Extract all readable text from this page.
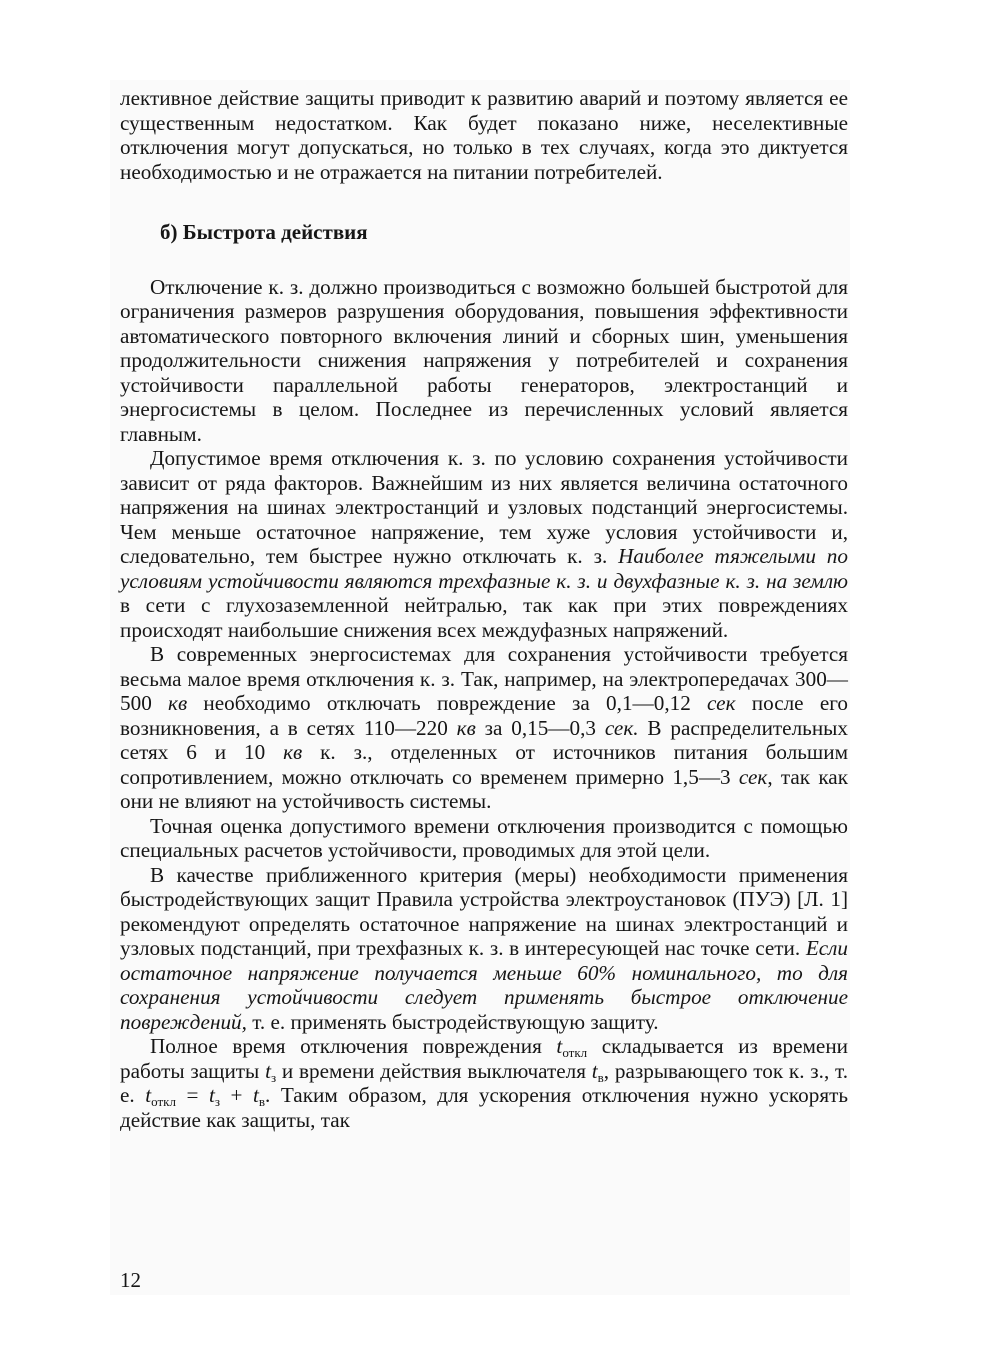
лективное действие защиты приводит к развитию аварий и поэтому является ее существенным недостатком. Как будет показано ниже, неселективные отключения могут допускаться, но только в тех случаях, когда это диктуется необходимостью и не отражается на питании потребителей.

б) Быстрота действия

Отключение к. з. должно производиться с возможно большей быстротой для ограничения размеров разрушения оборудования, повышения эффективности автоматического повторного включения линий и сборных шин, уменьшения продолжительности снижения напряжения у потребителей и сохранения устойчивости параллельной работы генераторов, электростанций и энергосистемы в целом. Последнее из перечисленных условий является главным.

Допустимое время отключения к. з. по условию сохранения устойчивости зависит от ряда факторов. Важнейшим из них является величина остаточного напряжения на шинах электростанций и узловых подстанций энергосистемы. Чем меньше остаточное напряжение, тем хуже условия устойчивости и, следовательно, тем быстрее нужно отключать к. з. Наиболее тяжелыми по условиям устойчивости являются трехфазные к. з. и двухфазные к. з. на землю в сети с глухозаземленной нейтралью, так как при этих повреждениях происходят наибольшие снижения всех междуфазных напряжений.

В современных энергосистемах для сохранения устойчивости требуется весьма малое время отключения к. з. Так, например, на электропередачах 300—500 кв необходимо отключать повреждение за 0,1—0,12 сек после его возникновения, а в сетях 110—220 кв за 0,15—0,3 сек. В распределительных сетях 6 и 10 кв к. з., отделенных от источников питания большим сопротивлением, можно отключать со временем примерно 1,5—3 сек, так как они не влияют на устойчивость системы.

Точная оценка допустимого времени отключения производится с помощью специальных расчетов устойчивости, проводимых для этой цели.

В качестве приближенного критерия (меры) необходимости применения быстродействующих защит Правила устройства электроустановок (ПУЭ) [Л. 1] рекомендуют определять остаточное напряжение на шинах электростанций и узловых подстанций, при трехфазных к. з. в интересующей нас точке сети. Если остаточное напряжение получается меньше 60% номинального, то для сохранения устойчивости следует применять быстрое отключение повреждений, т. е. применять быстродействующую защиту.

Полное время отключения повреждения $t_{откл}$ складывается из времени работы защиты $t_з$ и времени действия выключателя $t_в$, разрывающего ток к. з., т. е. $t_{откл} = t_з + t_в$. Таким образом, для ускорения отключения нужно ускорять действие как защиты, так

12
